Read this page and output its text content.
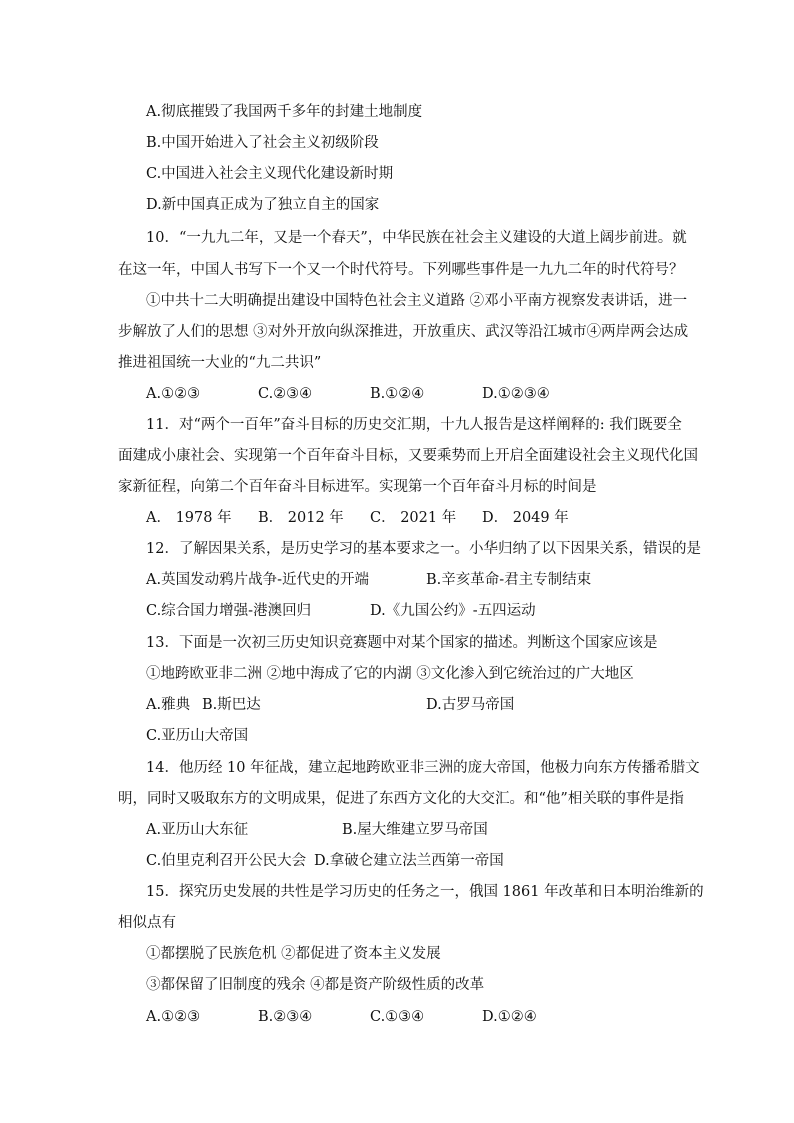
A.彻底摧毁了我国两千多年的封建土地制度
B.中国开始进入了社会主义初级阶段
C.中国进入社会主义现代化建设新时期
D.新中国真正成为了独立自主的国家
10．“一九九二年，又是一个春天”，中华民族在社会主义建设的大道上阔步前进。就
在这一年，中国人书写下一个又一个时代符号。下列哪些事件是一九九二年的时代符号？
①中共十二大明确提出建设中国特色社会主义道路 ②邓小平南方视察发表讲话，进一
步解放了人们的思想 ③对外开放向纵深推进，开放重庆、武汉等沿江城市④两岸两会达成
推进祖国统一大业的“九二共识”
A.①②③	C.②③④	B.①②④	D.①②③④
11．对“两个一百年”奋斗目标的历史交汇期，十九人报告是这样阐释的: 我们既要全
面建成小康社会、实现第一个百年奋斗目标，又要乘势而上开启全面建设社会主义现代化国
家新征程，向第二个百年奋斗目标进军。实现第一个百年奋斗月标的时间是
A． 1978 年 B． 2012 年 C． 2021 年 D． 2049 年
12．了解因果关系，是历史学习的基本要求之一。小华归纳了以下因果关系，错误的是
A.英国发动鸦片战争-近代史的开端	B.辛亥革命-君主专制结束
C.综合国力增强-港澳回归	D.《九国公约》-五四运动
13．下面是一次初三历史知识竞赛题中对某个国家的描述。判断这个国家应该是
①地跨欧亚非二洲 ②地中海成了它的内湖 ③文化渗入到它统治过的广大地区
A.雅典 B.斯巴达	D.古罗马帝国
C.亚历山大帝国
14．他历经 10 年征战，建立起地跨欧亚非三洲的庞大帝国，他极力向东方传播希腊文
明，同时又吸取东方的文明成果，促进了东西方文化的大交汇。和“他”相关联的事件是指
A.亚历山大东征	B.屋大维建立罗马帝国
C.伯里克利召开公民大会 D.拿破仑建立法兰西第一帝国
15．探究历史发展的共性是学习历史的任务之一，俄国 1861 年改革和日本明治维新的
相似点有
①都摆脱了民族危机 ②都促进了资本主义发展
③都保留了旧制度的残余 ④都是资产阶级性质的改革
A.①②③	B.②③④	C.①③④	D.①②④
